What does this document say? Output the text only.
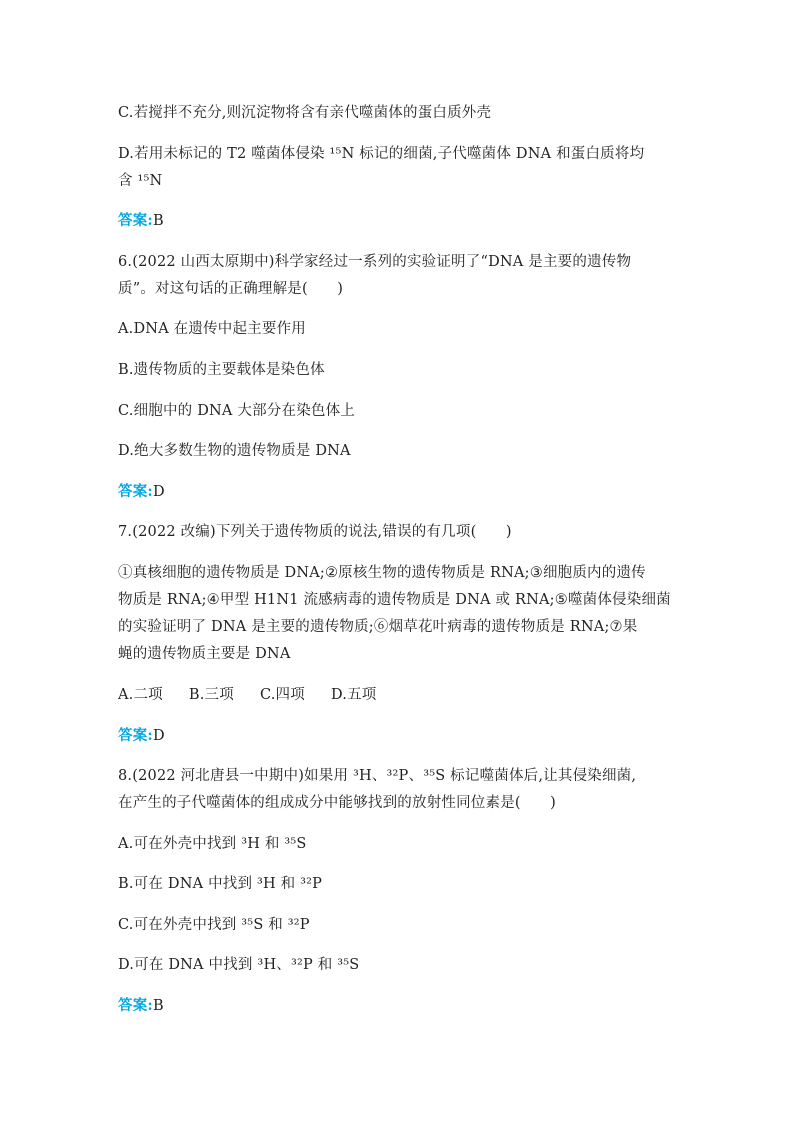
C.若搅拌不充分,则沉淀物将含有亲代噬菌体的蛋白质外壳
D.若用未标记的 T2 噬菌体侵染 ¹⁵N 标记的细菌,子代噬菌体 DNA 和蛋白质将均
含 ¹⁵N
答案:B
6.(2022 山西太原期中)科学家经过一系列的实验证明了“DNA 是主要的遗传物
质”。对这句话的正确理解是(　　)
A.DNA 在遗传中起主要作用
B.遗传物质的主要载体是染色体
C.细胞中的 DNA 大部分在染色体上
D.绝大多数生物的遗传物质是 DNA
答案:D
7.(2022 改编)下列关于遗传物质的说法,错误的有几项(　　)
①真核细胞的遗传物质是 DNA;②原核生物的遗传物质是 RNA;③细胞质内的遗传
物质是 RNA;④甲型 H1N1 流感病毒的遗传物质是 DNA 或 RNA;⑤噬菌体侵染细菌
的实验证明了 DNA 是主要的遗传物质;⑥烟草花叶病毒的遗传物质是 RNA;⑦果
蝇的遗传物质主要是 DNA
A.二项 B.三项 C.四项 D.五项
答案:D
8.(2022 河北唐县一中期中)如果用 ³H、³²P、³⁵S 标记噬菌体后,让其侵染细菌,
在产生的子代噬菌体的组成成分中能够找到的放射性同位素是(　　)
A.可在外壳中找到 ³H 和 ³⁵S
B.可在 DNA 中找到 ³H 和 ³²P
C.可在外壳中找到 ³⁵S 和 ³²P
D.可在 DNA 中找到 ³H、³²P 和 ³⁵S
答案:B
